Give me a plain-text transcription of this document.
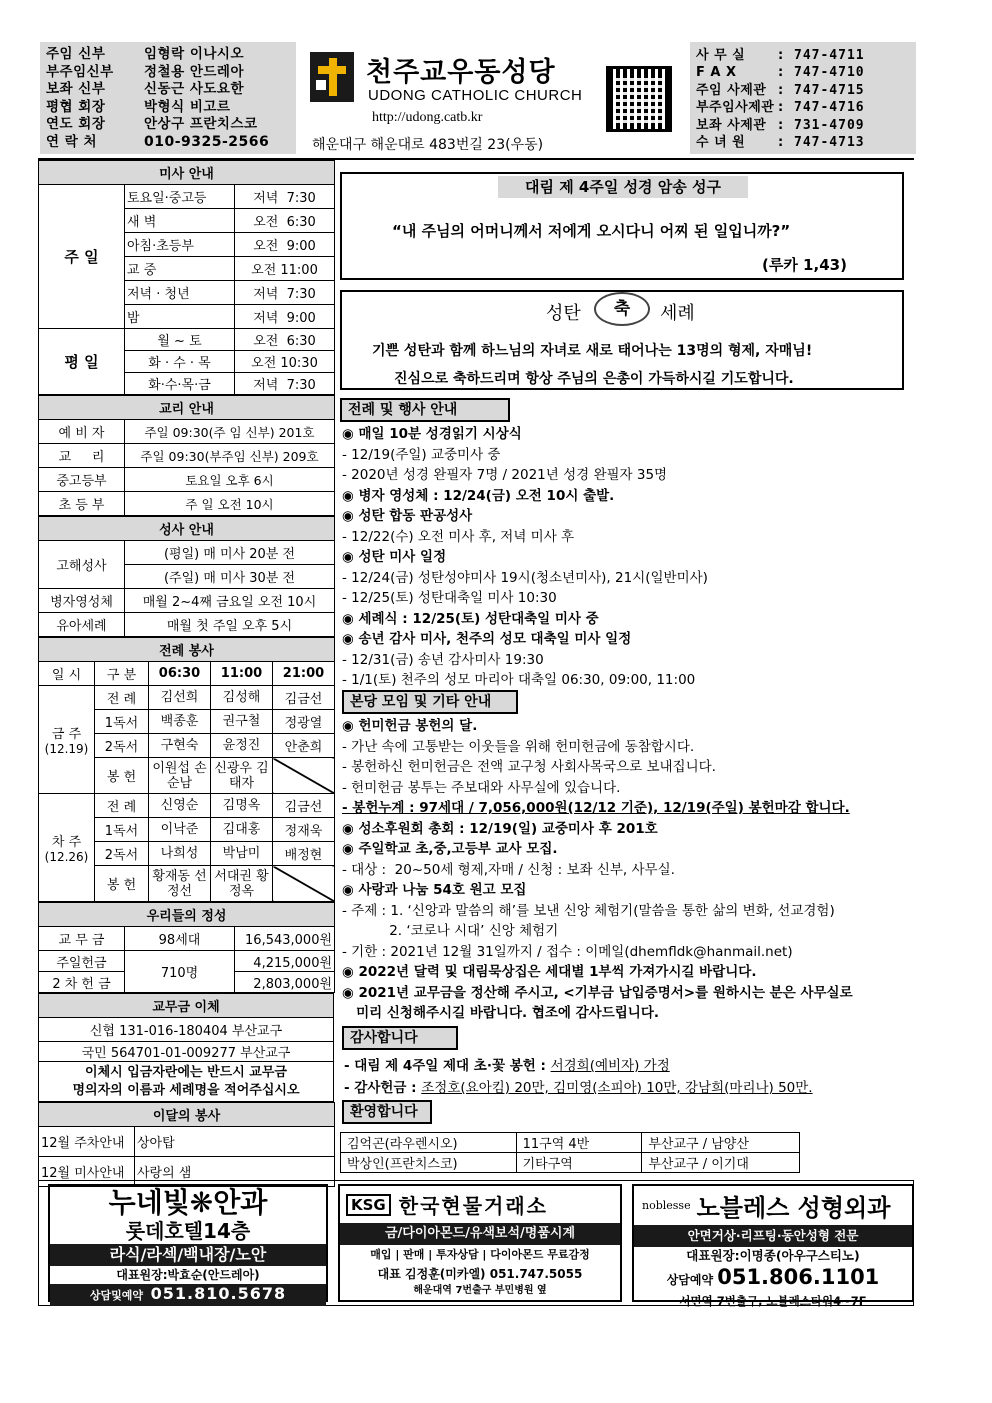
주임 신부	임형락 이나시오
부주임신부	정철용 안드레아
보좌 신부	신동근 사도요한
평협 회장	박형식 비고르
연도 회장	안상구 프란치스코
연 락 처	010-9325-2566
천주교우동성당
UDONG CATHOLIC CHURCH
http://udong.catb.kr
해운대구 해운대로 483번길 23(우동)
사 무 실	: 747-4711
F A X	: 747-4710
주임 사제관 : 747-4715
부주임사제관 : 747-4716
보좌 사제관 : 731-4709
수 녀 원	: 747-4713
미사 안내		
주 일	토요일·중고등	저녁  7:30
	새 벽	오전  6:30
	아침·초등부	오전  9:00
	교 중	오전 11:00
	저녁 · 청년	저녁  7:30
	밤	저녁  9:00
평 일	월 ~ 토	오전  6:30
	화 · 수 · 목	오전 10:30
	화·수·목·금	저녁  7:30
교리 안내	
예 비 자	주일 09:30(주 임 신부) 201호
교     리	주일 09:30(부주임 신부) 209호
중고등부	토요일 오후 6시
초 등 부	주 일 오전 10시
성사 안내	
고해성사	(평일) 매 미사 20분 전
	(주일) 매 미사 30분 전
병자영성체	매월 2~4째 금요일 오전 10시
유아세례	매월 첫 주일 오후 5시
전례 봉사				
일 시	구 분	06:30	11:00	21:00

금 주
(12.19)	전 례	김선희	김성해	김금선
	1독서	백종훈	권구철	정광열
	2독서	구현숙	윤정진	안춘희
	봉 헌	이원섭 손순남	신광우 김태자	

차 주
(12.26)	전 례	신영순	김명옥	김금선
	1독서	이낙준	김대홍	정재욱
	2독서	나희성	박남미	배정현
	봉 헌	황재동 선정선	서대권 황정옥	
우리들의 정성		
교 무 금	98세대	16,543,000원
주일헌금	710명	4,215,000원
2 차 헌 금		2,803,000원
교무금 이체
신협 131-016-180404 부산교구
국민 564701-01-009277 부산교구
이체시 입금자란에는 반드시 교무금
명의자의 이름과 세례명을 적어주십시오
이달의 봉사	
12월 주차안내	상아탑
12월 미사안내	사랑의 샘
대림 제 4주일 성경 암송 성구
“내 주님의 어머니께서 저에게 오시다니 어찌 된 일입니까?”
(루카 1,43)
성탄	축	세례
기쁜 성탄과 함께 하느님의 자녀로 새로 태어나는 13명의 형제, 자매님!
진심으로 축하드리며 항상 주님의 은총이 가득하시길 기도합니다.
전례 및 행사 안내
◉ 매일 10분 성경읽기 시상식
- 12/19(주일) 교중미사 중
- 2020년 성경 완필자 7명 / 2021년 성경 완필자 35명
◉ 병자 영성체 : 12/24(금) 오전 10시 출발.
◉ 성탄 합동 판공성사
- 12/22(수) 오전 미사 후, 저녁 미사 후
◉ 성탄 미사 일정
- 12/24(금) 성탄성야미사 19시(청소년미사), 21시(일반미사)
- 12/25(토) 성탄대축일 미사 10:30
◉ 세례식 : 12/25(토) 성탄대축일 미사 중
◉ 송년 감사 미사, 천주의 성모 대축일 미사 일정
- 12/31(금) 송년 감사미사 19:30
- 1/1(토) 천주의 성모 마리아 대축일 06:30, 09:00, 11:00
본당 모임 및 기타 안내
◉ 헌미헌금 봉헌의 달.
- 가난 속에 고통받는 이웃들을 위해 헌미헌금에 동참합시다.
- 봉헌하신 헌미헌금은 전액 교구청 사회사목국으로 보내집니다.
- 헌미헌금 봉투는 주보대와 사무실에 있습니다.
- 봉헌누계 : 97세대 / 7,056,000원(12/12 기준), 12/19(주일) 봉헌마감 합니다.
◉ 성소후원회 총회 : 12/19(일) 교중미사 후 201호
◉ 주일학교 초,중,고등부 교사 모집.
- 대상 :  20~50세 형제,자매 / 신청 : 보좌 신부, 사무실.
◉ 사랑과 나눔 54호 원고 모집
- 주제 : 1. ‘신앙과 말씀의 해’를 보낸 신앙 체험기(말씀을 통한 삶의 변화, 선교경험)
2. ‘코로나 시대’ 신앙 체험기
- 기한 : 2021년 12월 31일까지 / 접수 : 이메일(dhemfldk@hanmail.net)
◉ 2022년 달력 및 대림묵상집은 세대별 1부씩 가져가시길 바랍니다.
◉ 2021년 교무금을 정산해 주시고, <기부금 납입증명서>를 원하시는 분은 사무실로
미리 신청해주시길 바랍니다. 협조에 감사드립니다.
감사합니다
- 대림 제 4주일 제대 초·꽃 봉헌 : 서경희(예비자) 가정
- 감사헌금 : 조정호(요아킴) 20만, 김미영(소피아) 10만, 강남희(마리나) 50만.
환영합니다
김억곤(라우렌시오)	11구역 4반	부산교구 / 남양산
박상인(프란치스코)	기타구역	부산교구 / 이기대
누네빛❋안과
롯데호텔14층
라식/라섹/백내장/노안
대표원장:박효순(안드레아)
상담및예약 051.810.5678
KSG 한국현물거래소
금/다이아몬드/유색보석/명품시계
매입 | 판매 | 투자상담 | 다이아몬드 무료감정
대표 김정훈(미카엘) 051.747.5055
해운대역 7번출구 부민병원 옆
noblesse 노블레스 성형외과
안면거상·리프팅·동안성형 전문
대표원장:이명종(아우구스티노)
상담예약 051.806.1101
서면역 7번출구, 노블레스타워4~7F
